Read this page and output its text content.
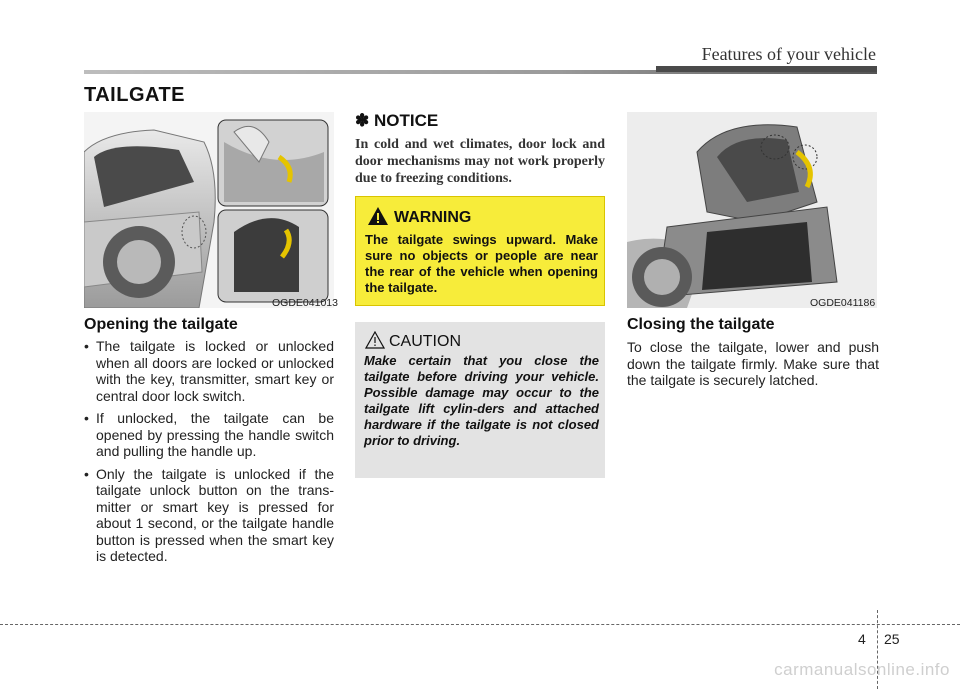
Features of your vehicle
TAILGATE
OGDE041013
Opening the tailgate
• The tailgate is locked or unlocked when all doors are locked or unlocked with the key, transmitter, smart key or central door lock switch.
• If unlocked, the tailgate can be opened by pressing the handle switch and pulling the handle up.
• Only the tailgate is unlocked if the tailgate unlock button on the trans-mitter or smart key is pressed for about 1 second, or the tailgate handle button is pressed when the smart key is detected.
✽ NOTICE
In cold and wet climates, door lock and door mechanisms may not work properly due to freezing conditions.
WARNING
The tailgate swings upward. Make sure no objects or people are near the rear of the vehicle when opening the tailgate.
CAUTION
Make certain that you close the tailgate before driving your vehicle. Possible damage may occur to the tailgate lift cylin-ders and attached hardware if the tailgate is not closed prior to driving.
OGDE041186
Closing the tailgate
To close the tailgate, lower and push down the tailgate firmly. Make sure that the tailgate is securely latched.
4 25
carmanualsonline.info
